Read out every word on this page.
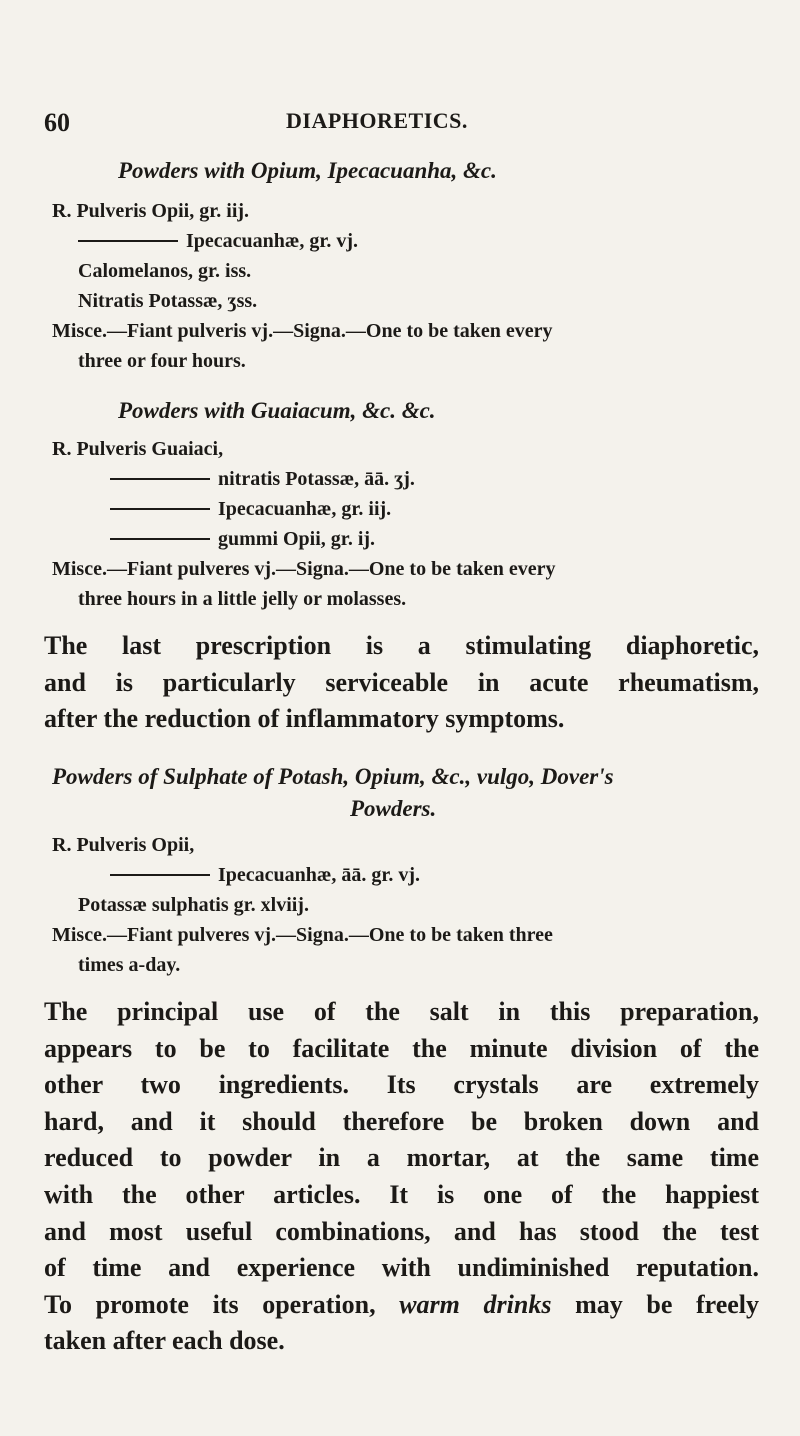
60	DIAPHORETICS.
Powders with Opium, Ipecacuanha, &c.
R. Pulveris Opii, gr. iij.
Ipecacuanhæ, gr. vj.
Calomelanos, gr. iss.
Nitratis Potassæ, ʒss.
Misce.—Fiant pulveris vj.—Signa.—One to be taken every
three or four hours.
Powders with Guaiacum, &c. &c.
R. Pulveris Guaiaci,
nitratis Potassæ, āā. ʒj.
Ipecacuanhæ, gr. iij.
gummi Opii, gr. ij.
Misce.—Fiant pulveres vj.—Signa.—One to be taken every
three hours in a little jelly or molasses.
The last prescription is a stimulating diaphoretic,
and is particularly serviceable in acute rheumatism,
after the reduction of inflammatory symptoms.
Powders of Sulphate of Potash, Opium, &c., vulgo, Dover's
Powders.
R. Pulveris Opii,
Ipecacuanhæ, āā. gr. vj.
Potassæ sulphatis gr. xlviij.
Misce.—Fiant pulveres vj.—Signa.—One to be taken three
times a-day.
The principal use of the salt in this preparation,
appears to be to facilitate the minute division of the
other two ingredients. Its crystals are extremely
hard, and it should therefore be broken down and
reduced to powder in a mortar, at the same time
with the other articles. It is one of the happiest
and most useful combinations, and has stood the test
of time and experience with undiminished reputation.
To promote its operation, warm drinks may be freely
taken after each dose.
